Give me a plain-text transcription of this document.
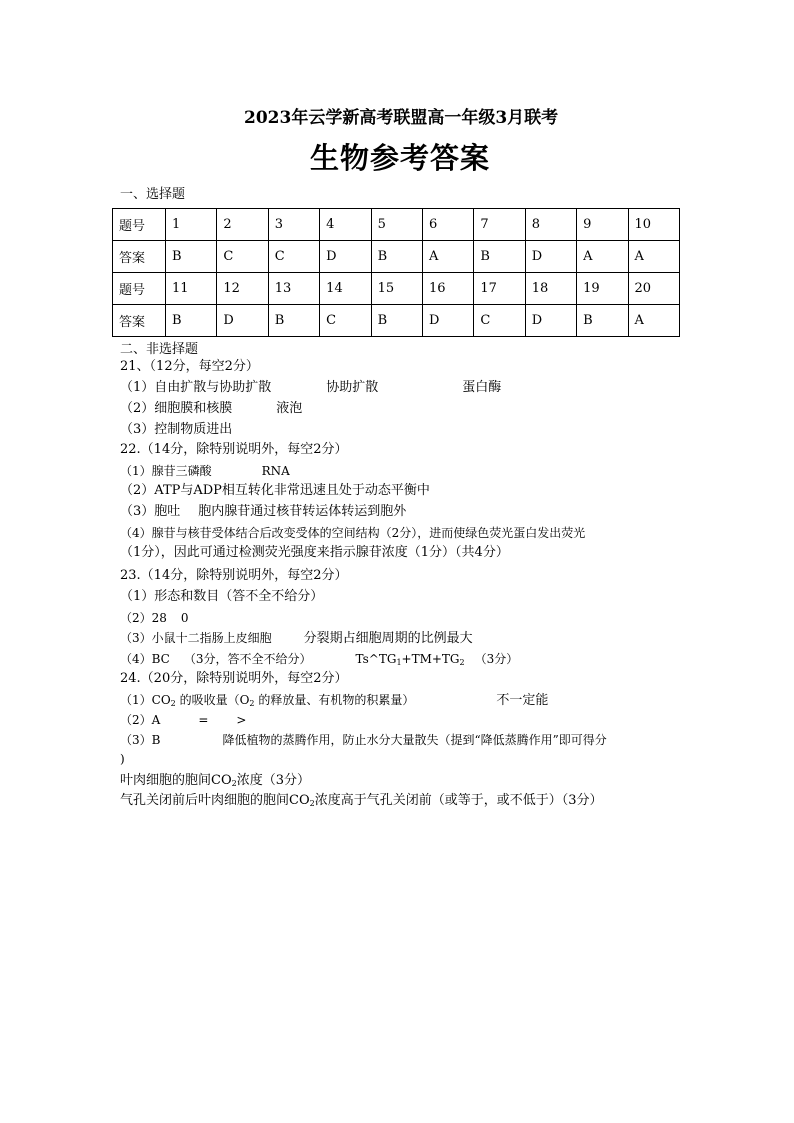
2023年云学新高考联盟高一年级3月联考
生物参考答案
一、选择题
题号	1	2	3	4	5	6	7	8	9	10
答案	B	C	C	D	B	A	B	D	A	A
题号	11	12	13	14	15	16	17	18	19	20
答案	B	D	B	C	B	D	C	D	B	A
二、非选择题
21、（12分，每空2分）
（1）自由扩散与协助扩散	协助扩散	蛋白酶
（2）细胞膜和核膜	液泡
（3）控制物质进出
22.（14分，除特别说明外，每空2分）
（1）腺苷三磷酸	RNA
（2）ATP与ADP相互转化非常迅速且处于动态平衡中
（3）胞吐 胞内腺苷通过核苷转运体转运到胞外
（4）腺苷与核苷受体结合后改变受体的空间结构（2分），进而使绿色荧光蛋白发出荧光
（1分），因此可通过检测荧光强度来指示腺苷浓度（1分）（共4分）
23.（14分，除特别说明外，每空2分）
（1）形态和数目（答不全不给分）
（2）28 0
（3）小鼠十二指肠上皮细胞 分裂期占细胞周期的比例最大
（4）BC （3分，答不全不给分）	$Ts\^{}TG_1+TM+TG_2$ （3分）
24.（20分，除特别说明外，每空2分）
$(1)CO_2$ 的吸收量（$O_2$ 的释放量、有机物的积累量）	不一定能
（2）A	= >
（3）B	降低植物的蒸腾作用，防止水分大量散失（提到“降低蒸腾作用”即可得分
)
叶肉细胞的胞间$CO_2$浓度（3分）
气孔关闭前后叶肉细胞的胞间$CO_2$浓度高于气孔关闭前（或等于，或不低于）（3分）
